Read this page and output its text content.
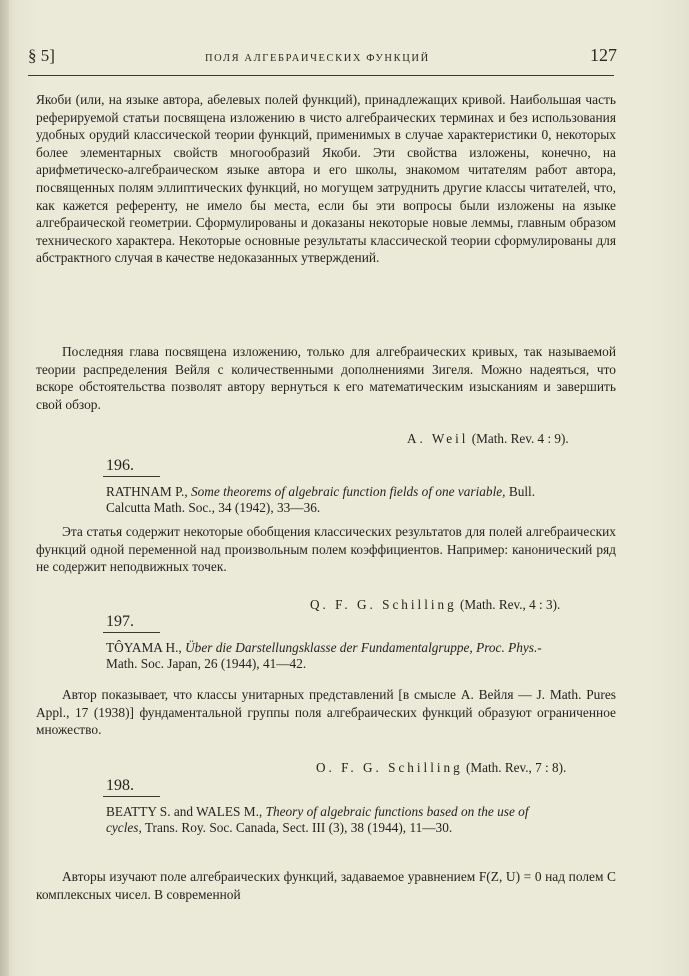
§ 5]	ПОЛЯ АЛГЕБРАИЧЕСКИХ ФУНКЦИЙ	127
Якоби (или, на языке автора, абелевых полей функций), принадлежащих кривой. Наибольшая часть реферируемой статьи посвящена изложению в чисто алгебраических терминах и без использования удобных орудий классической теории функций, применимых в случае характеристики 0, некоторых более элементарных свойств многообразий Якоби. Эти свойства изложены, конечно, на арифметическо-алгебраическом языке автора и его школы, знакомом читателям работ автора, посвященных полям эллиптических функций, но могущем затруднить другие классы читателей, что, как кажется референту, не имело бы места, если бы эти вопросы были изложены на языке алгебраической геометрии. Сформулированы и доказаны некоторые новые леммы, главным образом технического характера. Некоторые основные результаты классической теории сформулированы для абстрактного случая в качестве недоказанных утверждений.
Последняя глава посвящена изложению, только для алгебраических кривых, так называемой теории распределения Вейля с количественными дополнениями Зигеля. Можно надеяться, что вскоре обстоятельства позволят автору вернуться к его математическим изысканиям и завершить свой обзор.
A. Weil (Math. Rev. 4 : 9).
196.
RATHNAM P., Some theorems of algebraic function fields of one variable, Bull. Calcutta Math. Soc., 34 (1942), 33—36.
Эта статья содержит некоторые обобщения классических результатов для полей алгебраических функций одной переменной над произвольным полем коэффициентов. Например: канонический ряд не содержит неподвижных точек.
Q. F. G. Schilling (Math. Rev., 4 : 3).
197.
TÔYAMA H., Über die Darstellungsklasse der Fundamentalgruppe, Proc. Phys.-Math. Soc. Japan, 26 (1944), 41—42.
Автор показывает, что классы унитарных представлений [в смысле А. Вейля — J. Math. Pures Appl., 17 (1938)] фундаментальной группы поля алгебраических функций образуют ограниченное множество.
O. F. G. Schilling (Math. Rev., 7 : 8).
198.
BEATTY S. and WALES M., Theory of algebraic functions based on the use of cycles, Trans. Roy. Soc. Canada, Sect. III (3), 38 (1944), 11—30.
Авторы изучают поле алгебраических функций, задаваемое уравнением F(Z, U) = 0 над полем C комплексных чисел. В современной
